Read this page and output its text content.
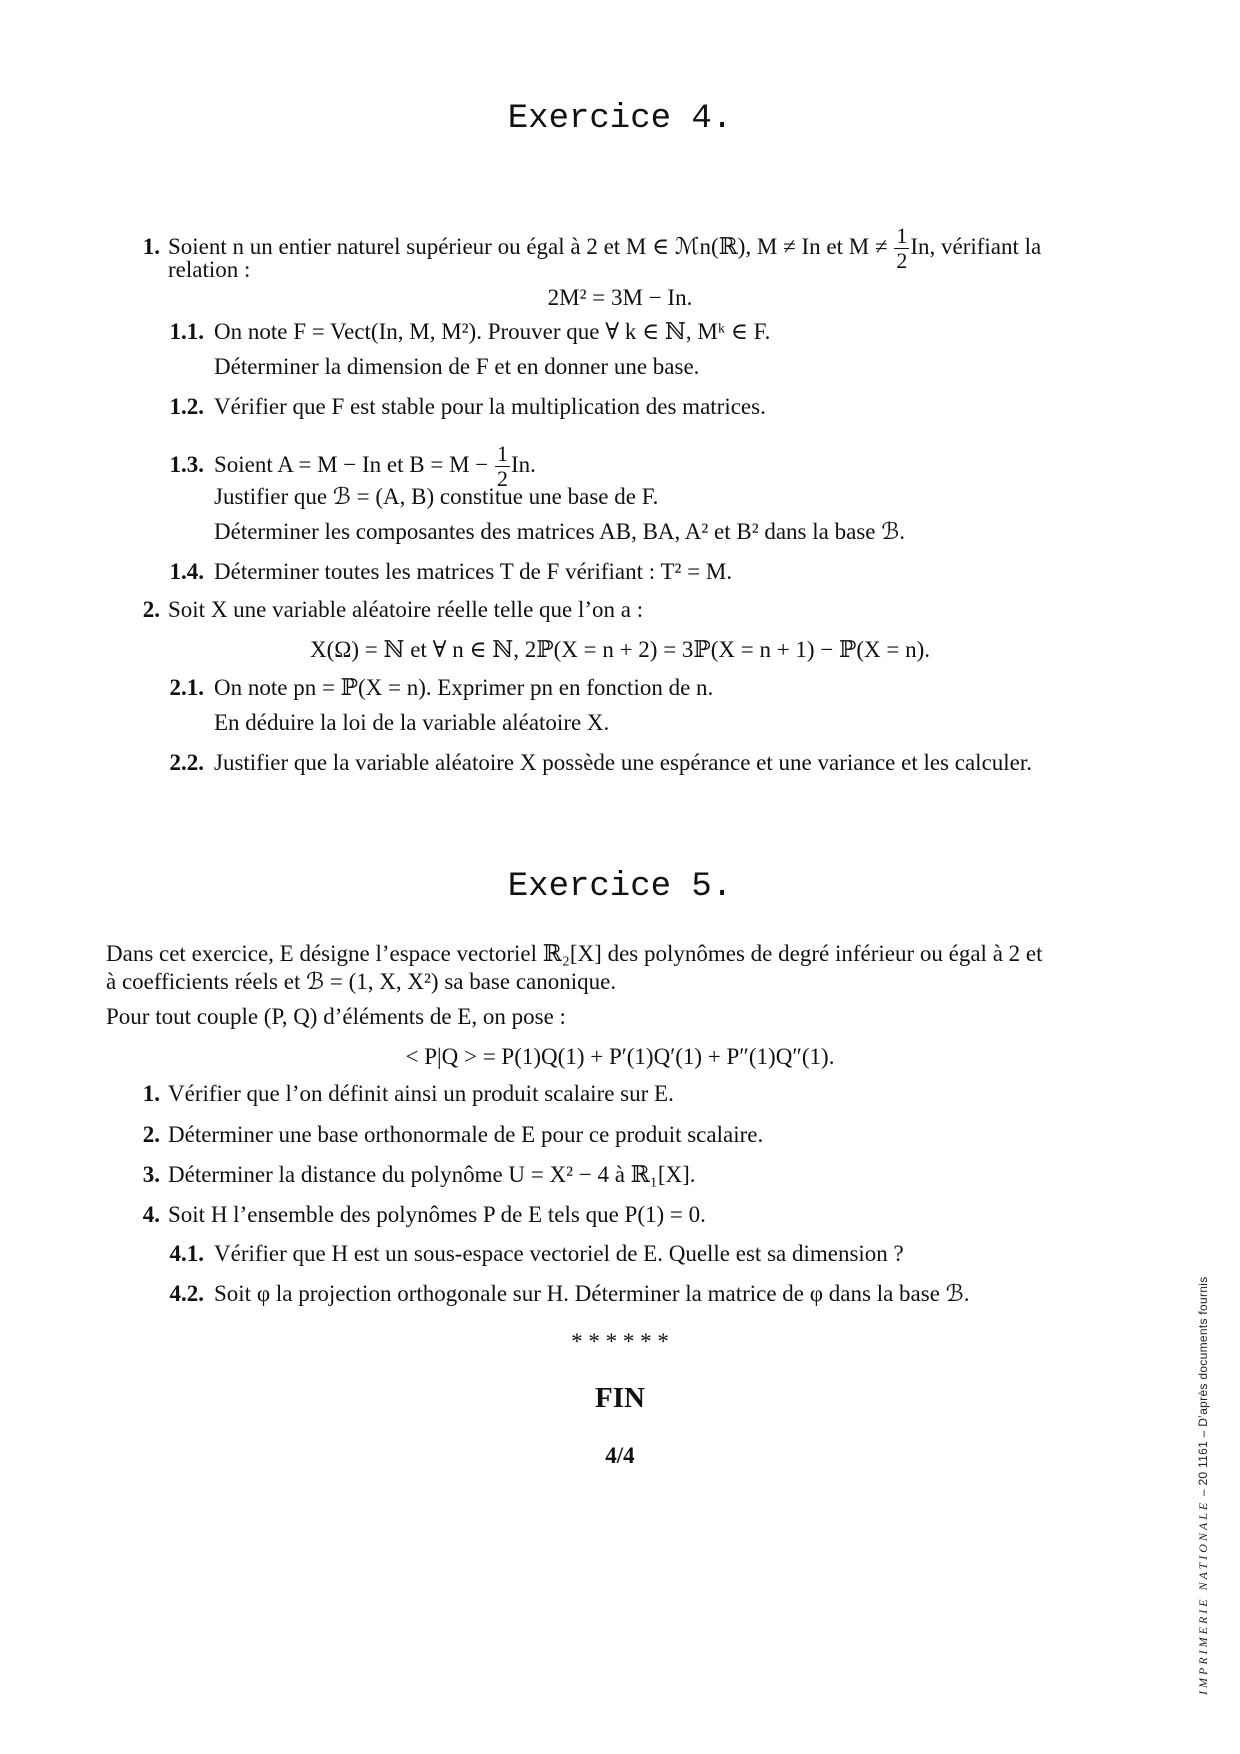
Exercice 4.
1. Soient n un entier naturel supérieur ou égal à 2 et M ∈ ℳn(ℝ), M ≠ In et $M \ne \frac{1}{2} In$, vérifiant la
relation :
2M² = 3M − In.
1.1. On note F = Vect(In, M, M²). Prouver que ∀ k ∈ ℕ, Mᵏ ∈ F.
Déterminer la dimension de F et en donner une base.
1.2. Vérifier que F est stable pour la multiplication des matrices.
1.3. Soient A = M − In et $B = M - \frac{1}{2} In$.
Justifier que ℬ = (A, B) constitue une base de F.
Déterminer les composantes des matrices AB, BA, A² et B² dans la base ℬ.
1.4. Déterminer toutes les matrices T de F vérifiant : T² = M.
2. Soit X une variable aléatoire réelle telle que l’on a :
X(Ω) = ℕ et ∀ n ∈ ℕ, 2ℙ(X = n + 2) = 3ℙ(X = n + 1) − ℙ(X = n).
2.1. On note pn = ℙ(X = n). Exprimer pn en fonction de n.
En déduire la loi de la variable aléatoire X.
2.2. Justifier que la variable aléatoire X possède une espérance et une variance et les calculer.
Exercice 5.
Dans cet exercice, E désigne l’espace vectoriel ℝ₂[X] des polynômes de degré inférieur ou égal à 2 et
à coefficients réels et ℬ = (1, X, X²) sa base canonique.
Pour tout couple (P, Q) d’éléments de E, on pose :
< P|Q > = P(1)Q(1) + P′(1)Q′(1) + P″(1)Q″(1).
1. Vérifier que l’on définit ainsi un produit scalaire sur E.
2. Déterminer une base orthonormale de E pour ce produit scalaire.
3. Déterminer la distance du polynôme U = X² − 4 à ℝ₁[X].
4. Soit H l’ensemble des polynômes P de E tels que P(1) = 0.
4.1. Vérifier que H est un sous-espace vectoriel de E. Quelle est sa dimension ?
4.2. Soit φ la projection orthogonale sur H. Déterminer la matrice de φ dans la base ℬ.
* * * * * *
FIN
4/4
IMPRIMERIE NATIONALE – 20 1161 – D’après documents fournis
